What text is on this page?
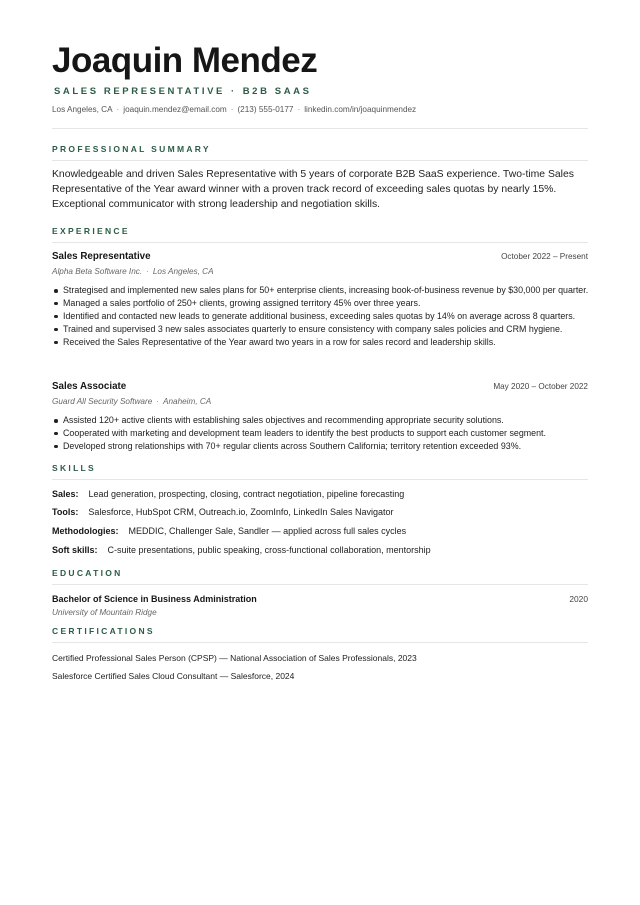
Joaquin Mendez
SALES REPRESENTATIVE · B2B SAAS
Los Angeles, CA · joaquin.mendez@email.com · (213) 555-0177 · linkedin.com/in/joaquinmendez
PROFESSIONAL SUMMARY
Knowledgeable and driven Sales Representative with 5 years of corporate B2B SaaS experience. Two-time Sales Representative of the Year award winner with a proven track record of exceeding sales quotas by nearly 15%. Exceptional communicator with strong leadership and negotiation skills.
EXPERIENCE
Sales Representative	October 2022 – Present
Alpha Beta Software Inc. · Los Angeles, CA
Strategised and implemented new sales plans for 50+ enterprise clients, increasing book-of-business revenue by $30,000 per quarter.
Managed a sales portfolio of 250+ clients, growing assigned territory 45% over three years.
Identified and contacted new leads to generate additional business, exceeding sales quotas by 14% on average across 8 quarters.
Trained and supervised 3 new sales associates quarterly to ensure consistency with company sales policies and CRM hygiene.
Received the Sales Representative of the Year award two years in a row for sales record and leadership skills.
Sales Associate	May 2020 – October 2022
Guard All Security Software · Anaheim, CA
Assisted 120+ active clients with establishing sales objectives and recommending appropriate security solutions.
Cooperated with marketing and development team leaders to identify the best products to support each customer segment.
Developed strong relationships with 70+ regular clients across Southern California; territory retention exceeded 93%.
SKILLS
Sales: Lead generation, prospecting, closing, contract negotiation, pipeline forecasting
Tools: Salesforce, HubSpot CRM, Outreach.io, ZoomInfo, LinkedIn Sales Navigator
Methodologies: MEDDIC, Challenger Sale, Sandler — applied across full sales cycles
Soft skills: C-suite presentations, public speaking, cross-functional collaboration, mentorship
EDUCATION
Bachelor of Science in Business Administration	2020
University of Mountain Ridge
CERTIFICATIONS
Certified Professional Sales Person (CPSP) — National Association of Sales Professionals, 2023
Salesforce Certified Sales Cloud Consultant — Salesforce, 2024
